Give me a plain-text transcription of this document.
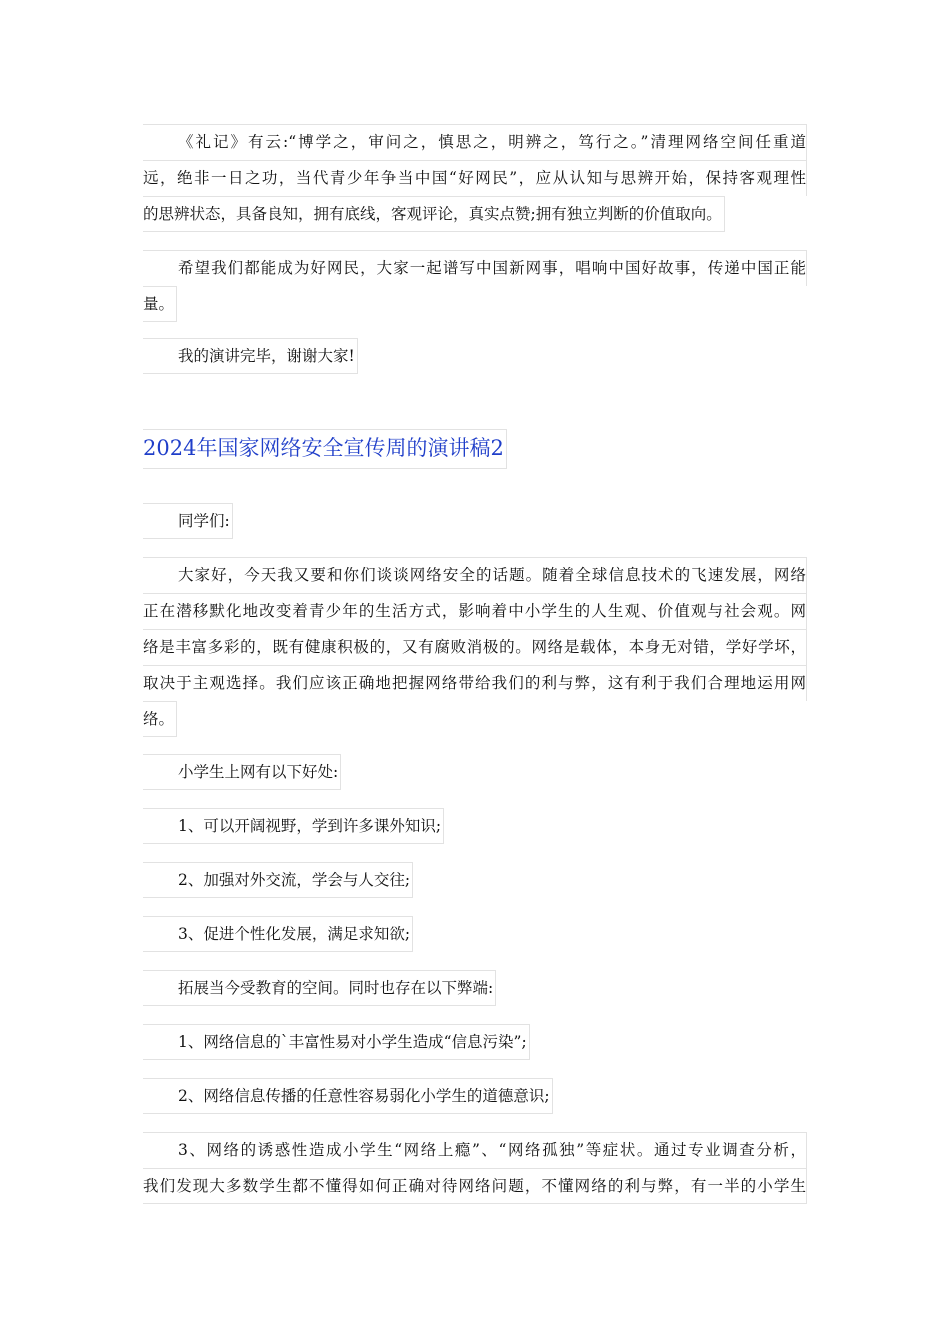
《礼记》有云:“博学之，审问之，慎思之，明辨之，笃行之。”清理网络空间任重道
远，绝非一日之功，当代青少年争当中国“好网民”，应从认知与思辨开始，保持客观理性
的思辨状态，具备良知，拥有底线，客观评论，真实点赞;拥有独立判断的价值取向。
希望我们都能成为好网民，大家一起谱写中国新网事，唱响中国好故事，传递中国正能
量。
我的演讲完毕，谢谢大家!
2024年国家网络安全宣传周的演讲稿2
同学们:
大家好，今天我又要和你们谈谈网络安全的话题。随着全球信息技术的飞速发展，网络
正在潜移默化地改变着青少年的生活方式，影响着中小学生的人生观、价值观与社会观。网
络是丰富多彩的，既有健康积极的，又有腐败消极的。网络是载体，本身无对错，学好学坏，
取决于主观选择。我们应该正确地把握网络带给我们的利与弊，这有利于我们合理地运用网
络。
小学生上网有以下好处:
1、可以开阔视野，学到许多课外知识;
2、加强对外交流，学会与人交往;
3、促进个性化发展，满足求知欲;
拓展当今受教育的空间。同时也存在以下弊端:
1、网络信息的`丰富性易对小学生造成“信息污染”;
2、网络信息传播的任意性容易弱化小学生的道德意识;
3、网络的诱惑性造成小学生“网络上瘾”、“网络孤独”等症状。通过专业调查分析，
我们发现大多数学生都不懂得如何正确对待网络问题，不懂网络的利与弊，有一半的小学生
